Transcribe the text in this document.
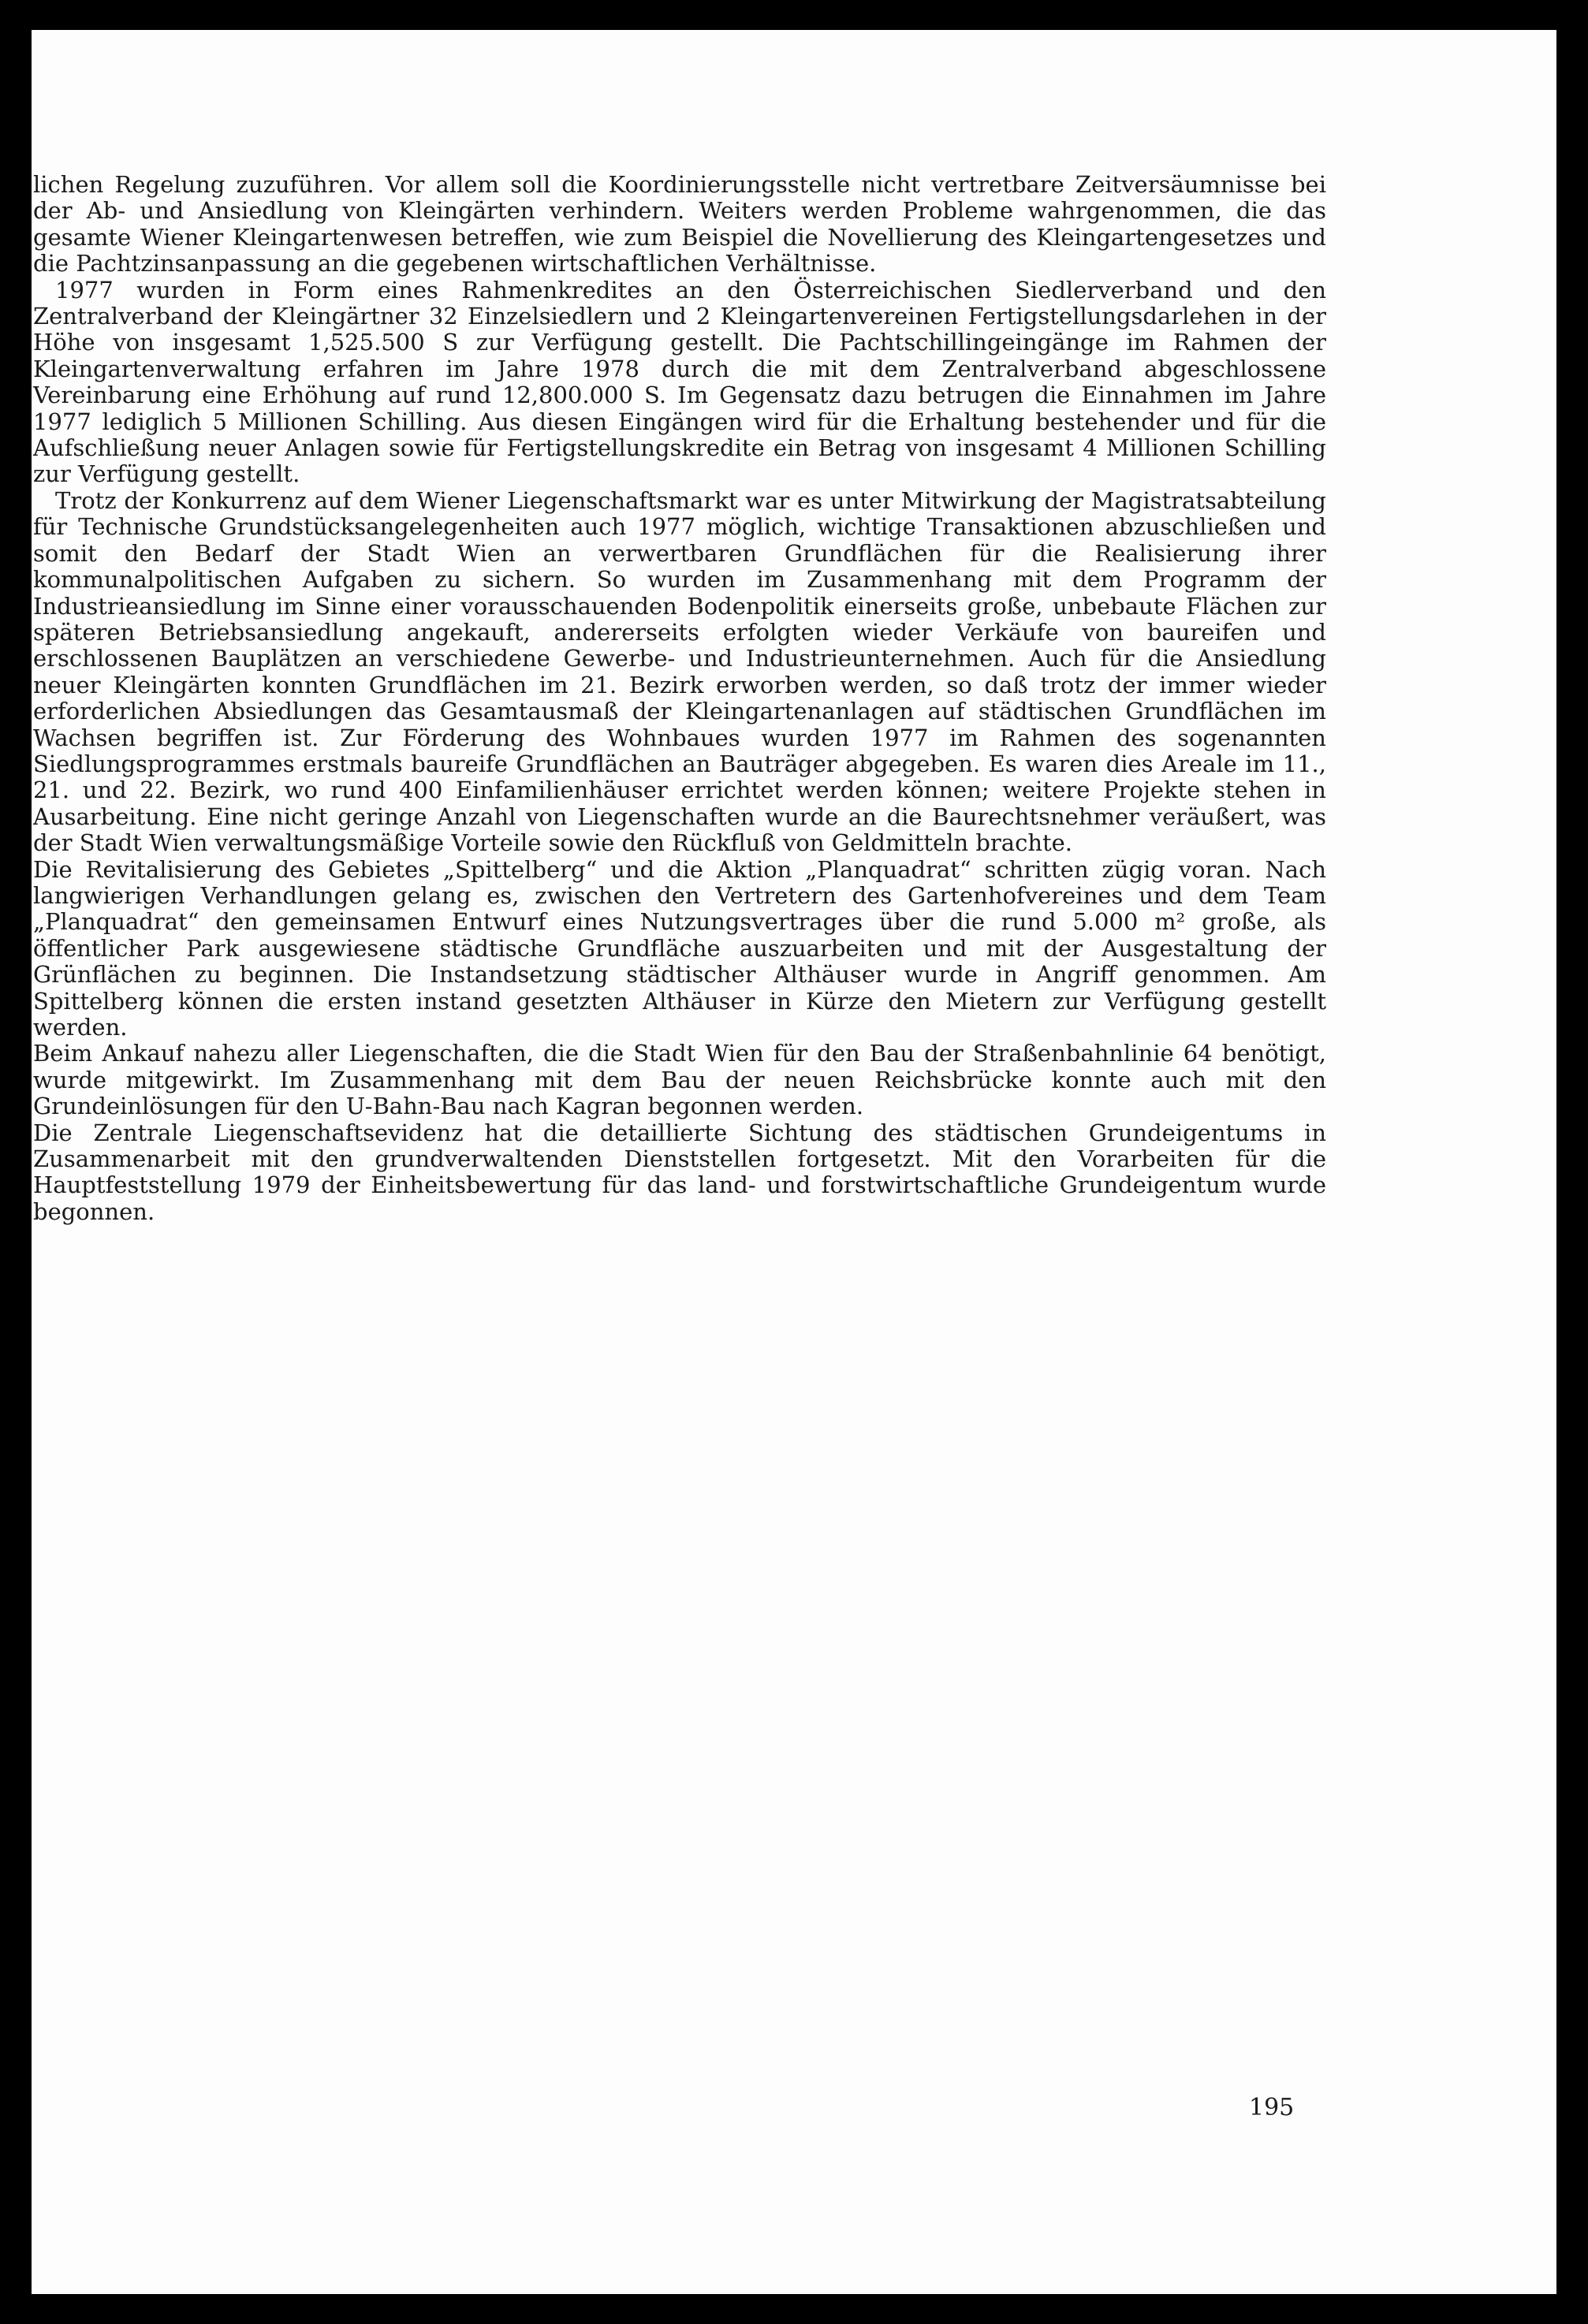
lichen Regelung zuzuführen. Vor allem soll die Koordinierungsstelle nicht vertretbare Zeitversäumnisse bei der Ab- und Ansiedlung von Kleingärten verhindern. Weiters werden Probleme wahrgenommen, die das gesamte Wiener Kleingartenwesen betreffen, wie zum Beispiel die Novellierung des Kleingartengesetzes und die Pachtzinsanpassung an die gegebenen wirtschaftlichen Verhältnisse.

1977 wurden in Form eines Rahmenkredites an den Österreichischen Siedlerverband und den Zentralverband der Kleingärtner 32 Einzelsiedlern und 2 Kleingartenvereinen Fertigstellungsdarlehen in der Höhe von insgesamt 1,525.500 S zur Verfügung gestellt. Die Pachtschillingeingänge im Rahmen der Kleingartenverwaltung erfahren im Jahre 1978 durch die mit dem Zentralverband abgeschlossene Vereinbarung eine Erhöhung auf rund 12,800.000 S. Im Gegensatz dazu betrugen die Einnahmen im Jahre 1977 lediglich 5 Millionen Schilling. Aus diesen Eingängen wird für die Erhaltung bestehender und für die Aufschließung neuer Anlagen sowie für Fertigstellungskredite ein Betrag von insgesamt 4 Millionen Schilling zur Verfügung gestellt.

Trotz der Konkurrenz auf dem Wiener Liegenschaftsmarkt war es unter Mitwirkung der Magistratsabteilung für Technische Grundstücksangelegenheiten auch 1977 möglich, wichtige Transaktionen abzuschließen und somit den Bedarf der Stadt Wien an verwertbaren Grundflächen für die Realisierung ihrer kommunalpolitischen Aufgaben zu sichern. So wurden im Zusammenhang mit dem Programm der Industrieansiedlung im Sinne einer vorausschauenden Bodenpolitik einerseits große, unbebaute Flächen zur späteren Betriebsansiedlung angekauft, andererseits erfolgten wieder Verkäufe von baureifen und erschlossenen Bauplätzen an verschiedene Gewerbe- und Industrieunternehmen. Auch für die Ansiedlung neuer Kleingärten konnten Grundflächen im 21. Bezirk erworben werden, so daß trotz der immer wieder erforderlichen Absiedlungen das Gesamtausmaß der Kleingartenanlagen auf städtischen Grundflächen im Wachsen begriffen ist. Zur Förderung des Wohnbaues wurden 1977 im Rahmen des sogenannten Siedlungsprogrammes erstmals baureife Grundflächen an Bauträger abgegeben. Es waren dies Areale im 11., 21. und 22. Bezirk, wo rund 400 Einfamilienhäuser errichtet werden können; weitere Projekte stehen in Ausarbeitung. Eine nicht geringe Anzahl von Liegenschaften wurde an die Baurechtsnehmer veräußert, was der Stadt Wien verwaltungsmäßige Vorteile sowie den Rückfluß von Geldmitteln brachte.

Die Revitalisierung des Gebietes „Spittelberg“ und die Aktion „Planquadrat“ schritten zügig voran. Nach langwierigen Verhandlungen gelang es, zwischen den Vertretern des Gartenhofvereines und dem Team „Planquadrat“ den gemeinsamen Entwurf eines Nutzungsvertrages über die rund 5.000 m² große, als öffentlicher Park ausgewiesene städtische Grundfläche auszuarbeiten und mit der Ausgestaltung der Grünflächen zu beginnen. Die Instandsetzung städtischer Althäuser wurde in Angriff genommen. Am Spittelberg können die ersten instand gesetzten Althäuser in Kürze den Mietern zur Verfügung gestellt werden.

Beim Ankauf nahezu aller Liegenschaften, die die Stadt Wien für den Bau der Straßenbahnlinie 64 benötigt, wurde mitgewirkt. Im Zusammenhang mit dem Bau der neuen Reichsbrücke konnte auch mit den Grundeinlösungen für den U-Bahn-Bau nach Kagran begonnen werden.

Die Zentrale Liegenschaftsevidenz hat die detaillierte Sichtung des städtischen Grundeigentums in Zusammenarbeit mit den grundverwaltenden Dienststellen fortgesetzt. Mit den Vorarbeiten für die Hauptfeststellung 1979 der Einheitsbewertung für das land- und forstwirtschaftliche Grundeigentum wurde begonnen.

195
